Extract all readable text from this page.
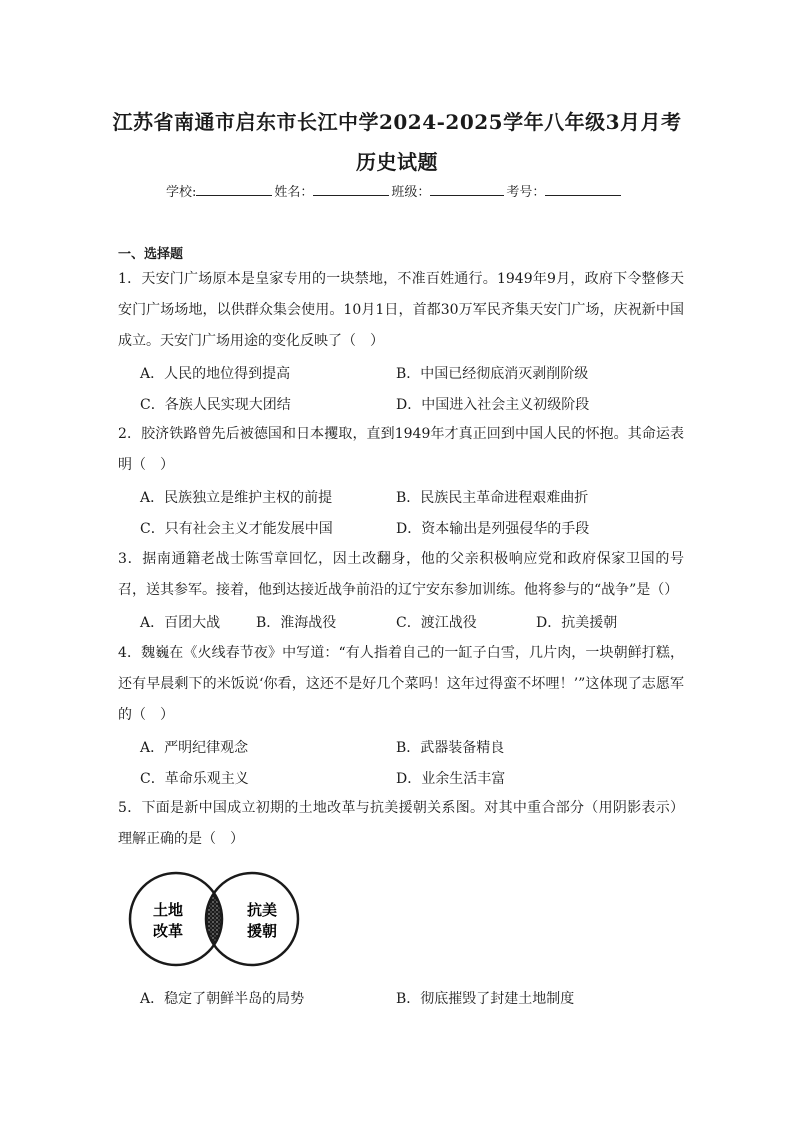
江苏省南通市启东市长江中学2024-2025学年八年级3月月考
历史试题
学校:	姓名：	班级：	考号：
一、选择题
1．天安门广场原本是皇家专用的一块禁地，不准百姓通行。1949年9月，政府下令整修天安门广场场地，以供群众集会使用。10月1日，首都30万军民齐集天安门广场，庆祝新中国成立。天安门广场用途的变化反映了（　）
A．人民的地位得到提高	B．中国已经彻底消灭剥削阶级
C．各族人民实现大团结	D．中国进入社会主义初级阶段
2．胶济铁路曾先后被德国和日本攫取，直到1949年才真正回到中国人民的怀抱。其命运表明（　）
A．民族独立是维护主权的前提	B．民族民主革命进程艰难曲折
C．只有社会主义才能发展中国	D．资本输出是列强侵华的手段
3．据南通籍老战士陈雪章回忆，因土改翻身，他的父亲积极响应党和政府保家卫国的号召，送其参军。接着，他到达接近战争前沿的辽宁安东参加训练。他将参与的“战争”是（）
A．百团大战	B．淮海战役	C．渡江战役	D．抗美援朝
4．魏巍在《火线春节夜》中写道：“有人指着自己的一缸子白雪，几片肉，一块朝鲜打糕，还有早晨剩下的米饭说‘你看，这还不是好几个菜吗！这年过得蛮不坏哩！’”这体现了志愿军的（　）
A．严明纪律观念	B．武器装备精良
C．革命乐观主义	D．业余生活丰富
5．下面是新中国成立初期的土地改革与抗美援朝关系图。对其中重合部分（用阴影表示）理解正确的是（　）
土地
改革
抗美
援朝
A．稳定了朝鲜半岛的局势	B．彻底摧毁了封建土地制度
